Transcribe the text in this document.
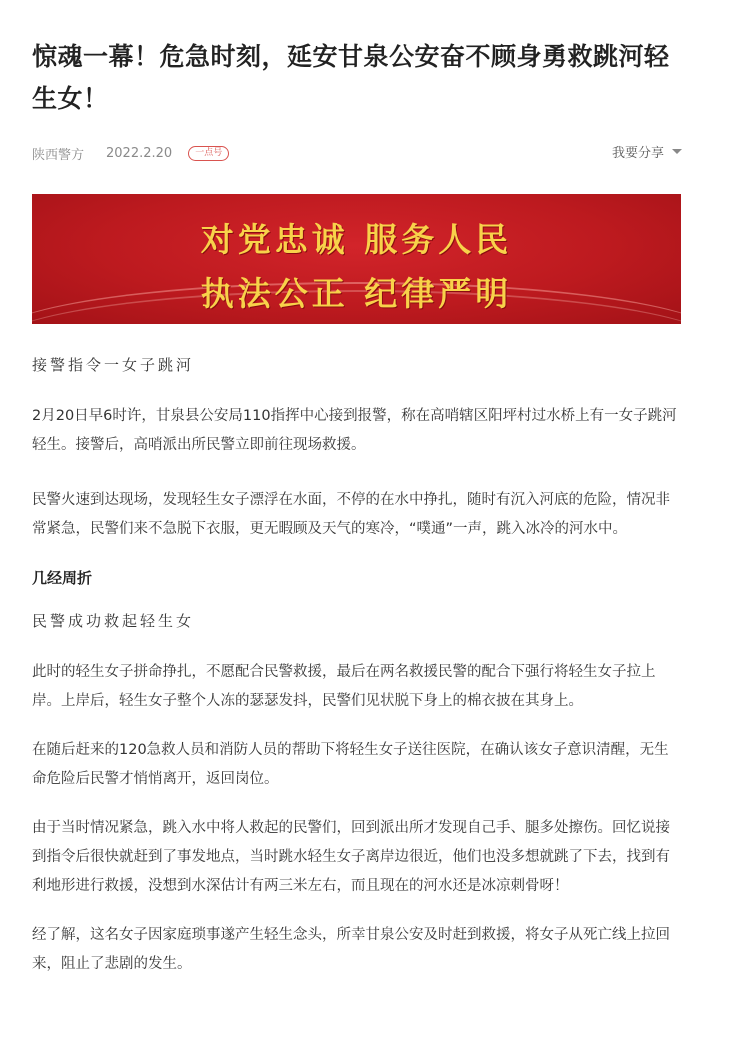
惊魂一幕！危急时刻，延安甘泉公安奋不顾身勇救跳河轻生女！
陕西警方 2022.2.20	一点号	我要分享
对党忠诚 服务人民
执法公正 纪律严明

接警指令一女子跳河

2月20日早6时许，甘泉县公安局110指挥中心接到报警，称在高哨辖区阳坪村过水桥上有一女子跳河轻生。接警后，高哨派出所民警立即前往现场救援。

民警火速到达现场，发现轻生女子漂浮在水面，不停的在水中挣扎，随时有沉入河底的危险，情况非常紧急，民警们来不急脱下衣服，更无暇顾及天气的寒冷，“噗通”一声，跳入冰冷的河水中。

几经周折

民警成功救起轻生女

此时的轻生女子拼命挣扎，不愿配合民警救援，最后在两名救援民警的配合下强行将轻生女子拉上岸。上岸后，轻生女子整个人冻的瑟瑟发抖，民警们见状脱下身上的棉衣披在其身上。

在随后赶来的120急救人员和消防人员的帮助下将轻生女子送往医院，在确认该女子意识清醒，无生命危险后民警才悄悄离开，返回岗位。

由于当时情况紧急，跳入水中将人救起的民警们，回到派出所才发现自己手、腿多处擦伤。回忆说接到指令后很快就赶到了事发地点，当时跳水轻生女子离岸边很近，他们也没多想就跳了下去，找到有利地形进行救援，没想到水深估计有两三米左右，而且现在的河水还是冰凉刺骨呀！

经了解，这名女子因家庭琐事遂产生轻生念头，所幸甘泉公安及时赶到救援，将女子从死亡线上拉回来，阻止了悲剧的发生。
